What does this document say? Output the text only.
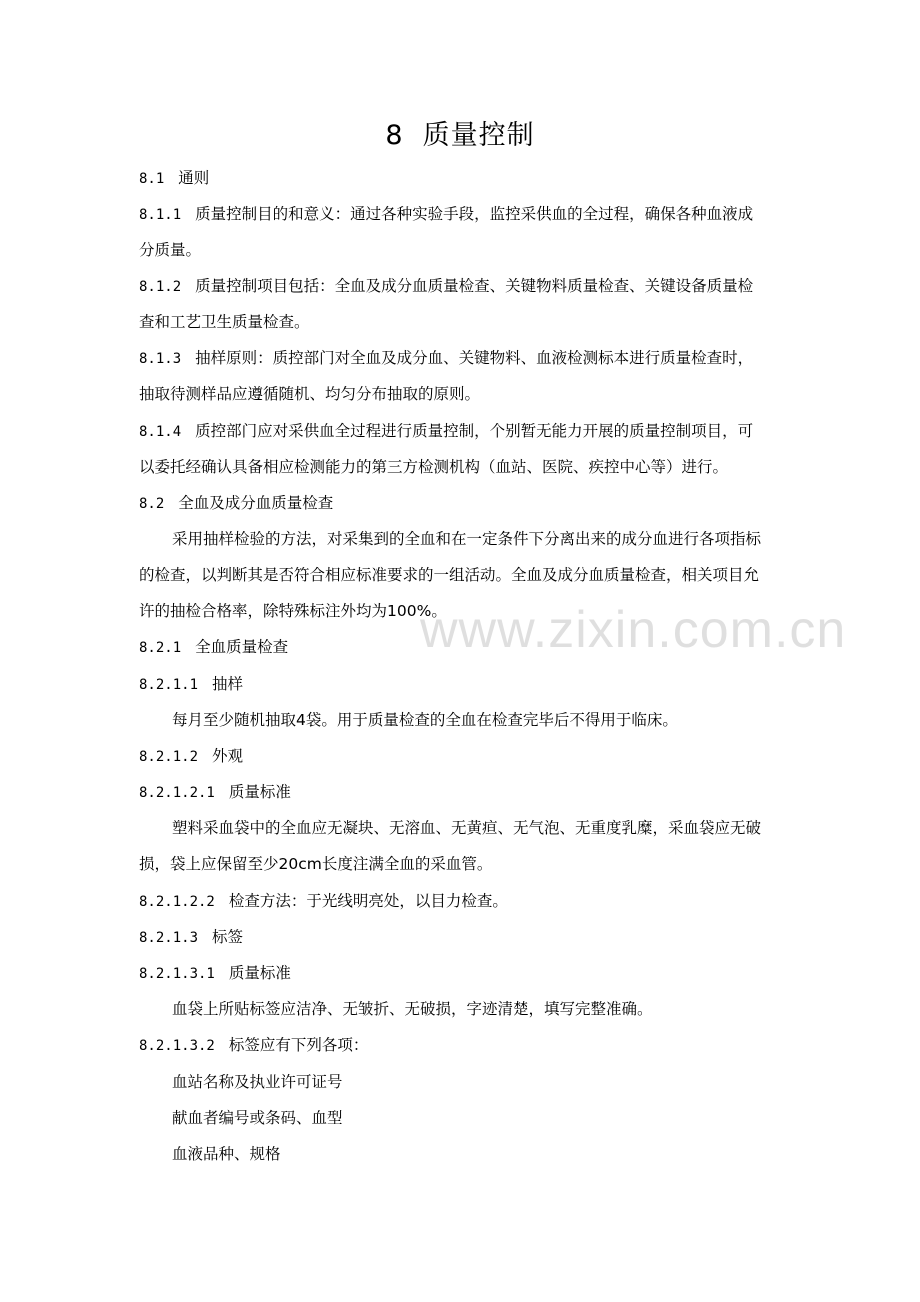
www.zixin.com.cn
8  质量控制
8.1 通则
8.1.1 质量控制目的和意义：通过各种实验手段，监控采供血的全过程，确保各种血液成
分质量。
8.1.2 质量控制项目包括：全血及成分血质量检查、关键物料质量检查、关键设备质量检
查和工艺卫生质量检查。
8.1.3 抽样原则：质控部门对全血及成分血、关键物料、血液检测标本进行质量检查时，
抽取待测样品应遵循随机、均匀分布抽取的原则。
8.1.4 质控部门应对采供血全过程进行质量控制，个别暂无能力开展的质量控制项目，可
以委托经确认具备相应检测能力的第三方检测机构（血站、医院、疾控中心等）进行。
8.2 全血及成分血质量检查
采用抽样检验的方法，对采集到的全血和在一定条件下分离出来的成分血进行各项指标
的检查，以判断其是否符合相应标准要求的一组活动。全血及成分血质量检查，相关项目允
许的抽检合格率，除特殊标注外均为100%。
8.2.1 全血质量检查
8.2.1.1 抽样
每月至少随机抽取4袋。用于质量检查的全血在检查完毕后不得用于临床。
8.2.1.2 外观
8.2.1.2.1 质量标准
塑料采血袋中的全血应无凝块、无溶血、无黄疸、无气泡、无重度乳糜，采血袋应无破
损，袋上应保留至少20cm长度注满全血的采血管。
8.2.1.2.2 检查方法：于光线明亮处，以目力检查。
8.2.1.3 标签
8.2.1.3.1 质量标准
血袋上所贴标签应洁净、无皱折、无破损，字迹清楚，填写完整准确。
8.2.1.3.2 标签应有下列各项：
血站名称及执业许可证号
献血者编号或条码、血型
血液品种、规格
